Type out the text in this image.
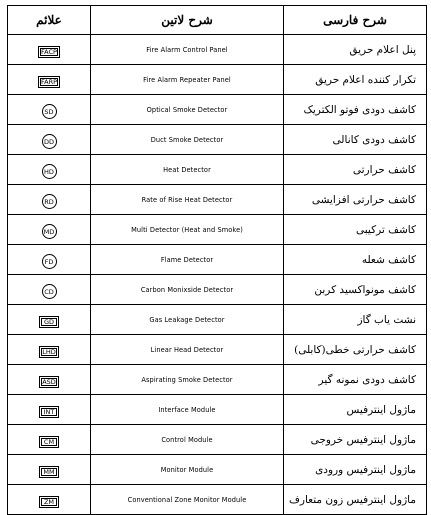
علائم	شرح لاتین	شرح فارسی
FACP	Fire Alarm Control Panel	پنل اعلام حریق
FARP	Fire Alarm Repeater Panel	تکرار کننده اعلام حریق
SD	Optical Smoke Detector	کاشف دودی فوتو الکتریک
DD	Duct Smoke Detector	کاشف دودی کانالی
HD	Heat Detector	کاشف حرارتی
RD	Rate of Rise Heat Detector	کاشف حرارتی افزایشی
MD	Multi Detector (Heat and Smoke)	کاشف ترکیبی
FD	Flame Detector	کاشف شعله
CD	Carbon Monixside Detector	کاشف مونواکسید کربن
GD	Gas Leakage Detector	نشت یاب گاز
LHD	Linear Head Detector	کاشف حرارتی خطی(کابلی)
ASD	Aspirating Smoke Detector	کاشف دودی نمونه گیر
INT	Interface Module	ماژول اینترفیس
CM	Control Module	ماژول اینترفیس خروجی
MM	Monitor Module	ماژول اینترفیس ورودی
ZM	Conventional Zone Monitor Module	ماژول اینترفیس زون متعارف
